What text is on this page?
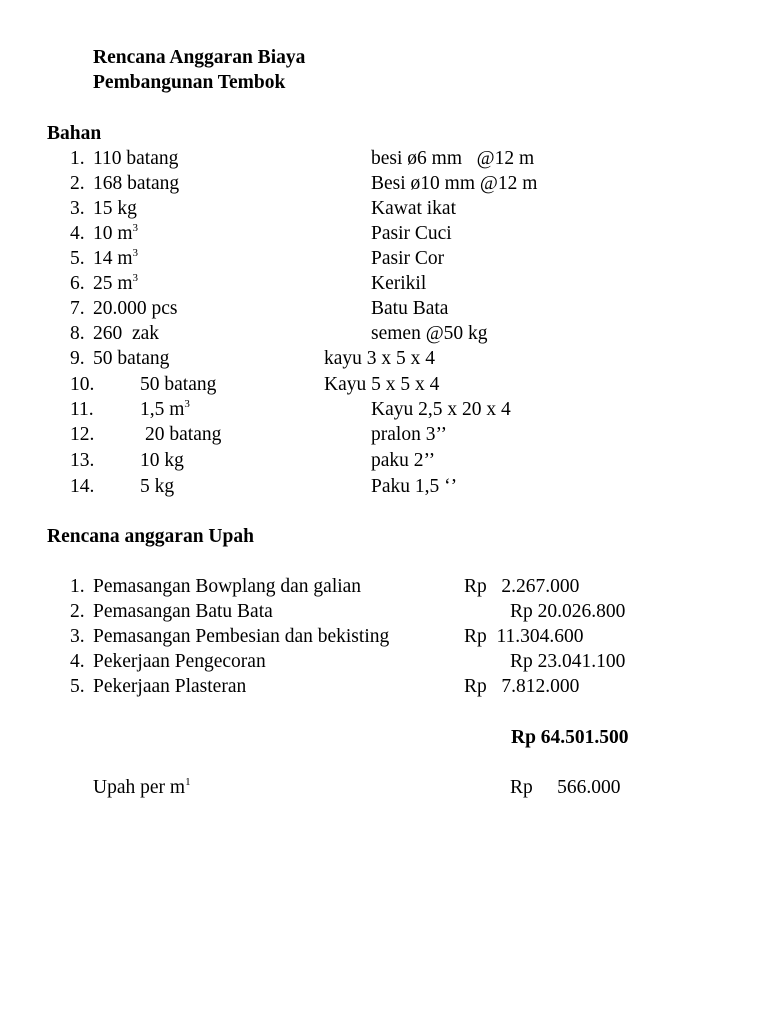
Rencana Anggaran Biaya
Pembangunan Tembok
Bahan
1. 110 batang	besi ø6 mm   @12 m
2. 168 batang	Besi ø10 mm @12 m
3. 15 kg	Kawat ikat
4. 10 $m^3$	Pasir Cuci
5. 14 $m^3$	Pasir Cor
6. 25 $m^3$	Kerikil
7. 20.000 pcs	Batu Bata
8. 260  zak	semen @50 kg
9. 50 batang	kayu 3 x 5 x 4
10. 50 batang	Kayu 5 x 5 x 4
11. 1,5 $m^3$	Kayu 2,5 x 20 x 4
12.	20 batang	pralon 3’’
13. 10 kg	paku 2’’
14. 5 kg	Paku 1,5 ‘’
Rencana anggaran Upah
1. Pemasangan Bowplang dan galian	Rp   2.267.000
2. Pemasangan Batu Bata	Rp 20.026.800
3. Pemasangan Pembesian dan bekisting	Rp  11.304.600
4. Pekerjaan Pengecoran	Rp 23.041.100
5. Pekerjaan Plasteran	Rp   7.812.000
Rp 64.501.500
Upah per $m^1$	Rp     566.000
